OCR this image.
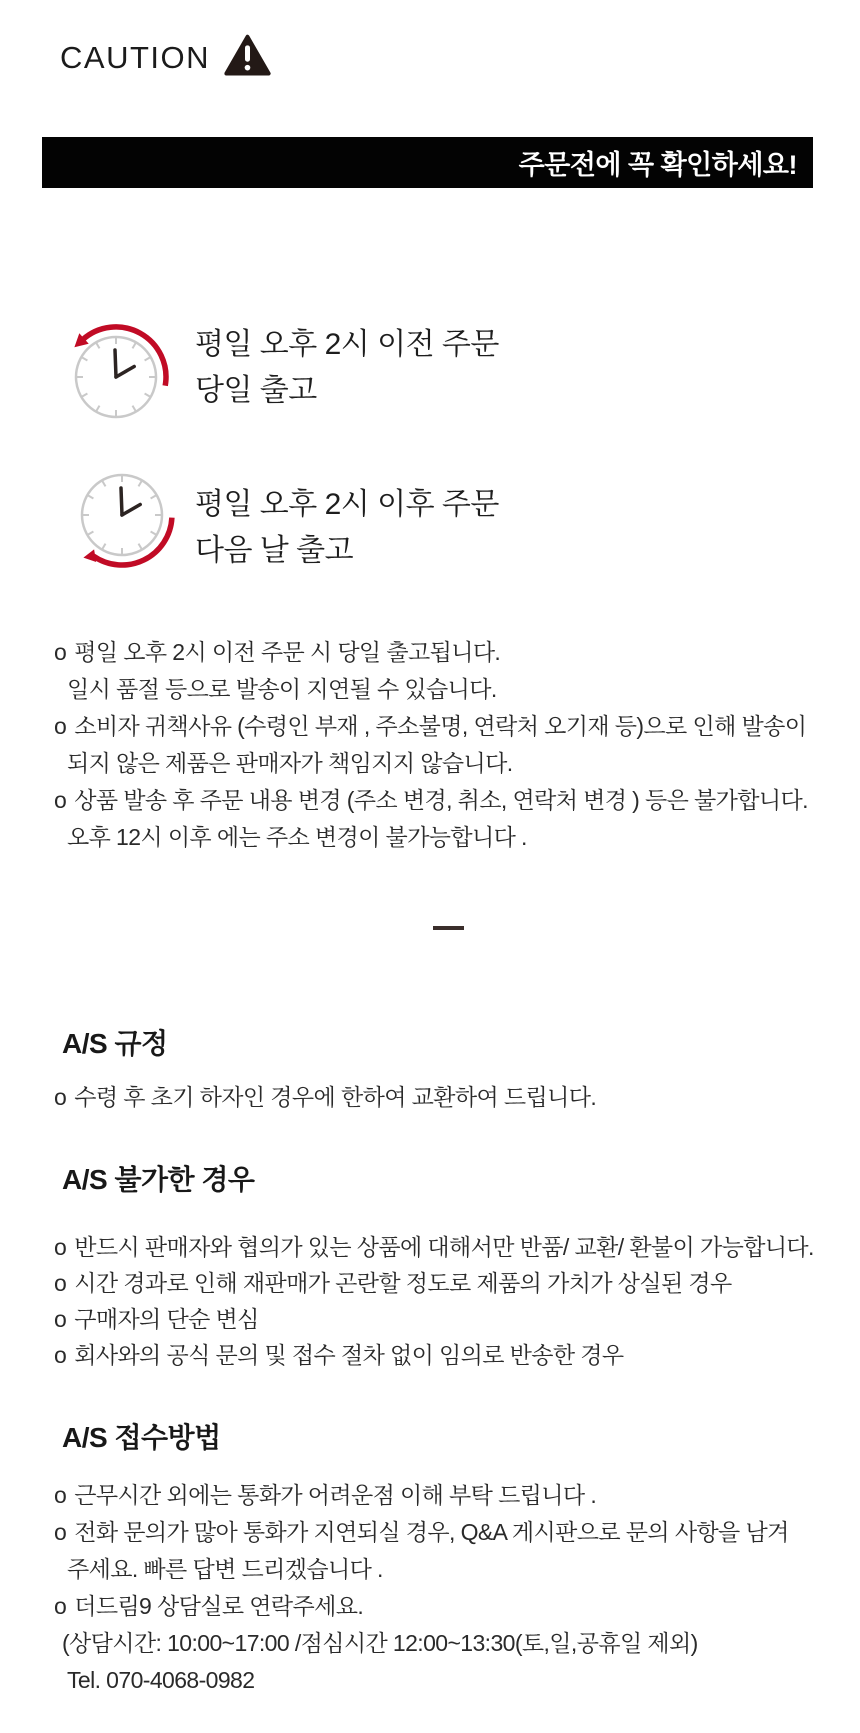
CAUTION
주문전에 꼭 확인하세요!
평일 오후 2시 이전 주문
당일 출고
평일 오후 2시 이후 주문
다음 날 출고
o 평일 오후 2시 이전 주문 시 당일 출고됩니다.
일시 품절 등으로 발송이 지연될 수 있습니다.
o 소비자 귀책사유 (수령인 부재 , 주소불명, 연락처 오기재 등)으로 인해 발송이
되지 않은 제품은 판매자가 책임지지 않습니다.
o 상품 발송 후 주문 내용 변경 (주소 변경, 취소, 연락처 변경 ) 등은 불가합니다.
오후 12시 이후 에는 주소 변경이 불가능합니다 .
A/S 규정
o 수령 후 초기 하자인 경우에 한하여 교환하여 드립니다.
A/S 불가한 경우
o 반드시 판매자와 협의가 있는 상품에 대해서만 반품/ 교환/ 환불이 가능합니다.
o 시간 경과로 인해 재판매가 곤란할 정도로 제품의 가치가 상실된 경우
o 구매자의 단순 변심
o 회사와의 공식 문의 및 접수 절차 없이 임의로 반송한 경우
A/S 접수방법
o 근무시간 외에는 통화가 어려운점 이해 부탁 드립니다 .
o 전화 문의가 많아 통화가 지연되실 경우, Q&A 게시판으로 문의 사항을 남겨
주세요. 빠른 답변 드리겠습니다 .
o 더드림9 상담실로 연락주세요.
(상담시간: 10:00~17:00 /점심시간 12:00~13:30(토,일,공휴일 제외)
Tel. 070-4068-0982
